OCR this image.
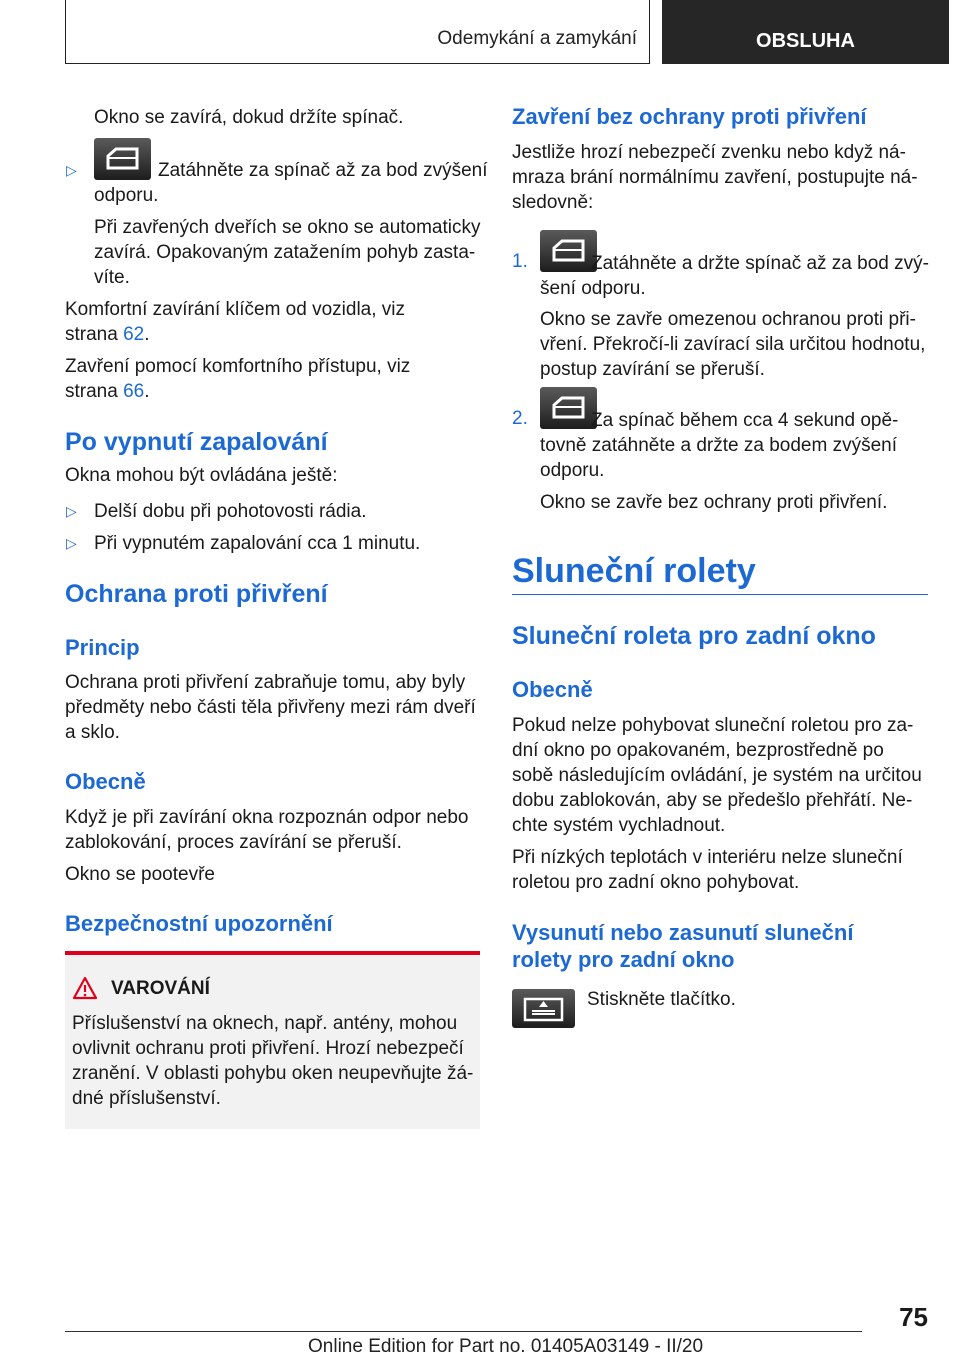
Odemykání a zamykání	OBSLUHA
Okno se zavírá, dokud držíte spínač.
▷	Zatáhněte za spínač až za bod zvýšení
odporu.
Při zavřených dveřích se okno se automaticky
zavírá. Opakovaným zatažením pohyb zasta‐
víte.
Komfortní zavírání klíčem od vozidla, viz
strana 62.
Zavření pomocí komfortního přístupu, viz
strana 66.
Po vypnutí zapalování
Okna mohou být ovládána ještě:
▷ Delší dobu při pohotovosti rádia.
▷ Při vypnutém zapalování cca 1 minutu.
Ochrana proti přivření
Princip
Ochrana proti přivření zabraňuje tomu, aby byly
předměty nebo části těla přivřeny mezi rám dveří
a sklo.
Obecně
Když je při zavírání okna rozpoznán odpor nebo
zablokování, proces zavírání se přeruší.
Okno se pootevře
Bezpečnostní upozornění
VAROVÁNÍ
Příslušenství na oknech, např. antény, mohou
ovlivnit ochranu proti přivření. Hrozí nebezpečí
zranění. V oblasti pohybu oken neupevňujte žá‐
dné příslušenství.
Zavření bez ochrany proti přivření
Jestliže hrozí nebezpečí zvenku nebo když ná‐
mraza brání normálnímu zavření, postupujte ná‐
sledovně:
1.	Zatáhněte a držte spínač až za bod zvý‐
šení odporu.
Okno se zavře omezenou ochranou proti při‐
vření. Překročí-li zavírací sila určitou hodnotu,
postup zavírání se přeruší.
2.	Za spínač během cca 4 sekund opě‐
tovně zatáhněte a držte za bodem zvýšení
odporu.
Okno se zavře bez ochrany proti přivření.
Sluneční rolety
Sluneční roleta pro zadní okno
Obecně
Pokud nelze pohybovat sluneční roletou pro za‐
dní okno po opakovaném, bezprostředně po
sobě následujícím ovládání, je systém na určitou
dobu zablokován, aby se předešlo přehřátí. Ne‐
chte systém vychladnout.
Při nízkých teplotách v interiéru nelze sluneční
roletou pro zadní okno pohybovat.
Vysunutí nebo zasunutí sluneční
rolety pro zadní okno
Stiskněte tlačítko.
75
Online Edition for Part no. 01405A03149 - II/20
